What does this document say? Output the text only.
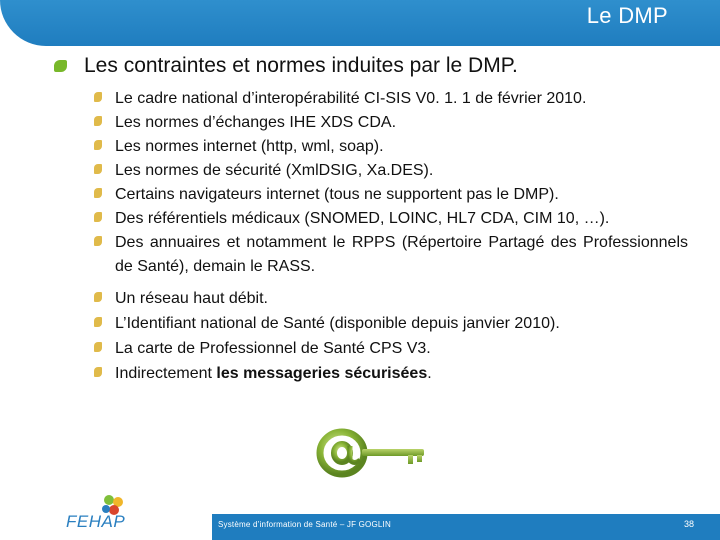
Le DMP
Les contraintes et normes induites par le DMP.
Le cadre national d’interopérabilité CI-SIS V0. 1. 1 de février 2010.
Les normes d’échanges IHE XDS CDA.
Les normes internet (http, wml, soap).
Les normes de sécurité (XmlDSIG, Xa.DES).
Certains navigateurs internet (tous ne supportent pas le DMP).
Des référentiels médicaux (SNOMED, LOINC, HL7 CDA, CIM 10, …).
Des annuaires et notamment le RPPS (Répertoire Partagé des Professionnels de Santé), demain le RASS.
Un réseau haut débit.
L’Identifiant national de Santé (disponible depuis janvier 2010).
La carte de Professionnel de Santé CPS V3.
Indirectement les messageries sécurisées.
FEHAP	Système d’information de Santé – JF GOGLIN	38
